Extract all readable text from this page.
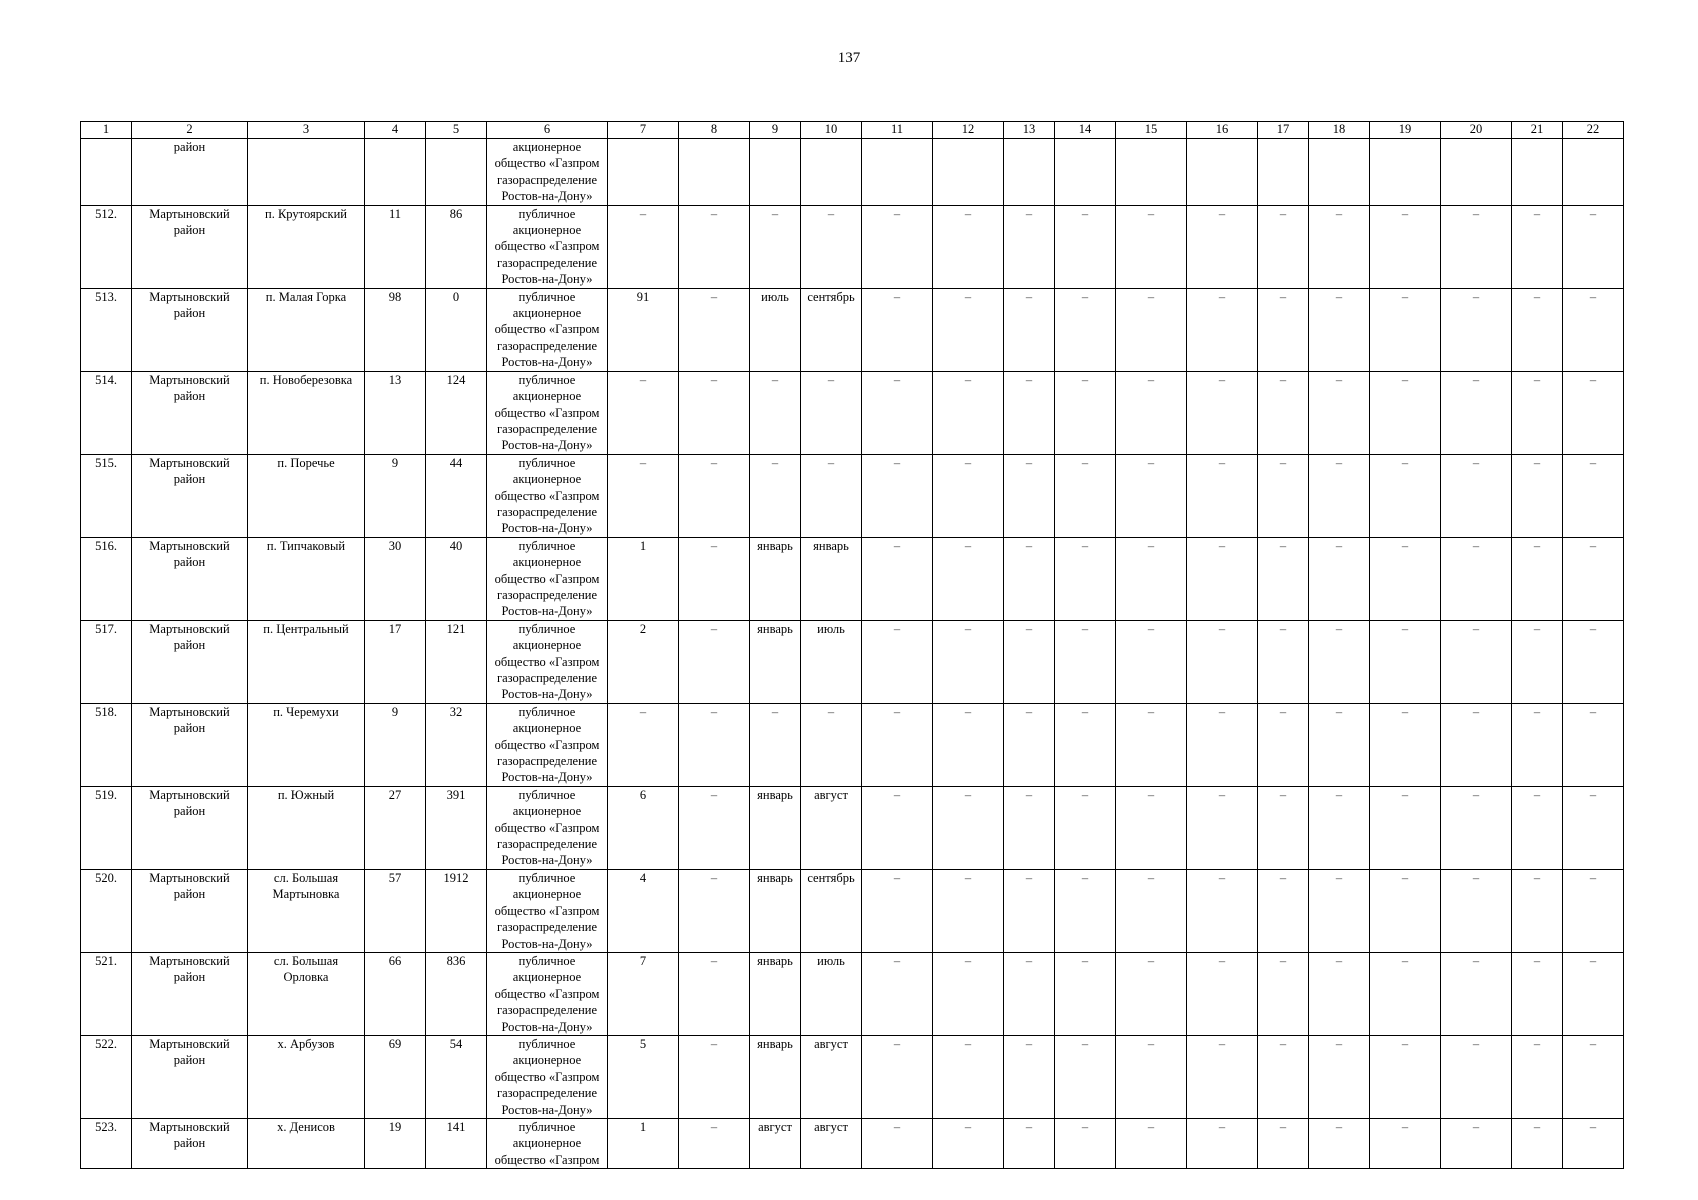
137
1	2	3	4	5	6	7	8	9	10	11	12	13	14	15	16	17	18	19	20	21	22
	район				акционерное общество «Газпром газораспределение Ростов-на-Дону»																
512.	Мартыновский район	п. Крутоярский	11	86	публичное акционерное общество «Газпром газораспределение Ростов-на-Дону»	–	–	–	–	–	–	–	–	–	–	–	–	–	–	–	–
513.	Мартыновский район	п. Малая Горка	98	0	публичное акционерное общество «Газпром газораспределение Ростов-на-Дону»	91	–	июль	сентябрь	–	–	–	–	–	–	–	–	–	–	–	–
514.	Мартыновский район	п. Новоберезовка	13	124	публичное акционерное общество «Газпром газораспределение Ростов-на-Дону»	–	–	–	–	–	–	–	–	–	–	–	–	–	–	–	–
515.	Мартыновский район	п. Поречье	9	44	публичное акционерное общество «Газпром газораспределение Ростов-на-Дону»	–	–	–	–	–	–	–	–	–	–	–	–	–	–	–	–
516.	Мартыновский район	п. Типчаковый	30	40	публичное акционерное общество «Газпром газораспределение Ростов-на-Дону»	1	–	январь	январь	–	–	–	–	–	–	–	–	–	–	–	–
517.	Мартыновский район	п. Центральный	17	121	публичное акционерное общество «Газпром газораспределение Ростов-на-Дону»	2	–	январь	июль	–	–	–	–	–	–	–	–	–	–	–	–
518.	Мартыновский район	п. Черемухи	9	32	публичное акционерное общество «Газпром газораспределение Ростов-на-Дону»	–	–	–	–	–	–	–	–	–	–	–	–	–	–	–	–
519.	Мартыновский район	п. Южный	27	391	публичное акционерное общество «Газпром газораспределение Ростов-на-Дону»	6	–	январь	август	–	–	–	–	–	–	–	–	–	–	–	–
520.	Мартыновский район	сл. Большая Мартыновка	57	1912	публичное акционерное общество «Газпром газораспределение Ростов-на-Дону»	4	–	январь	сентябрь	–	–	–	–	–	–	–	–	–	–	–	–
521.	Мартыновский район	сл. Большая Орловка	66	836	публичное акционерное общество «Газпром газораспределение Ростов-на-Дону»	7	–	январь	июль	–	–	–	–	–	–	–	–	–	–	–	–
522.	Мартыновский район	х. Арбузов	69	54	публичное акционерное общество «Газпром газораспределение Ростов-на-Дону»	5	–	январь	август	–	–	–	–	–	–	–	–	–	–	–	–
523.	Мартыновский район	х. Денисов	19	141	публичное акционерное общество «Газпром	1	–	август	август	–	–	–	–	–	–	–	–	–	–	–	–
